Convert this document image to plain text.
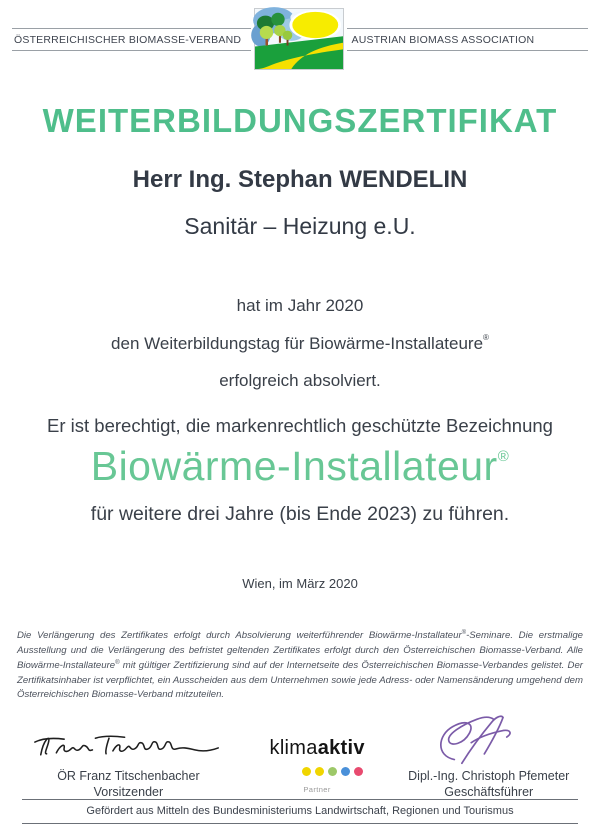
ÖSTERREICHISCHER BIOMASSE-VERBAND	AUSTRIAN BIOMASS ASSOCIATION
WEITERBILDUNGSZERTIFIKAT
Herr Ing. Stephan WENDELIN
Sanitär – Heizung e.U.
hat im Jahr 2020
den Weiterbildungstag für Biowärme-Installateure®
erfolgreich absolviert.
Er ist berechtigt, die markenrechtlich geschützte Bezeichnung
Biowärme-Installateur®
für weitere drei Jahre (bis Ende 2023) zu führen.
Wien, im März 2020

Die Verlängerung des Zertifikates erfolgt durch Absolvierung weiterführender Biowärme-Installateur®-Seminare. Die erstmalige Ausstellung und die Verlängerung des befristet geltenden Zertifikates erfolgt durch den Österreichischen Biomasse-Verband. Alle Biowärme-Installateure® mit gültiger Zertifizierung sind auf der Internetseite des Österreichischen Biomasse-Verbandes gelistet. Der Zertifikatsinhaber ist verpflichtet, ein Ausscheiden aus dem Unternehmen sowie jede Adress- oder Namensänderung umgehend dem Österreichischen Biomasse-Verband mitzuteilen.

ÖR Franz Titschenbacher
Vorsitzender
klimaaktiv
Partner
Dipl.-Ing. Christoph Pfemeter
Geschäftsführer
Gefördert aus Mitteln des Bundesministeriums Landwirtschaft, Regionen und Tourismus
